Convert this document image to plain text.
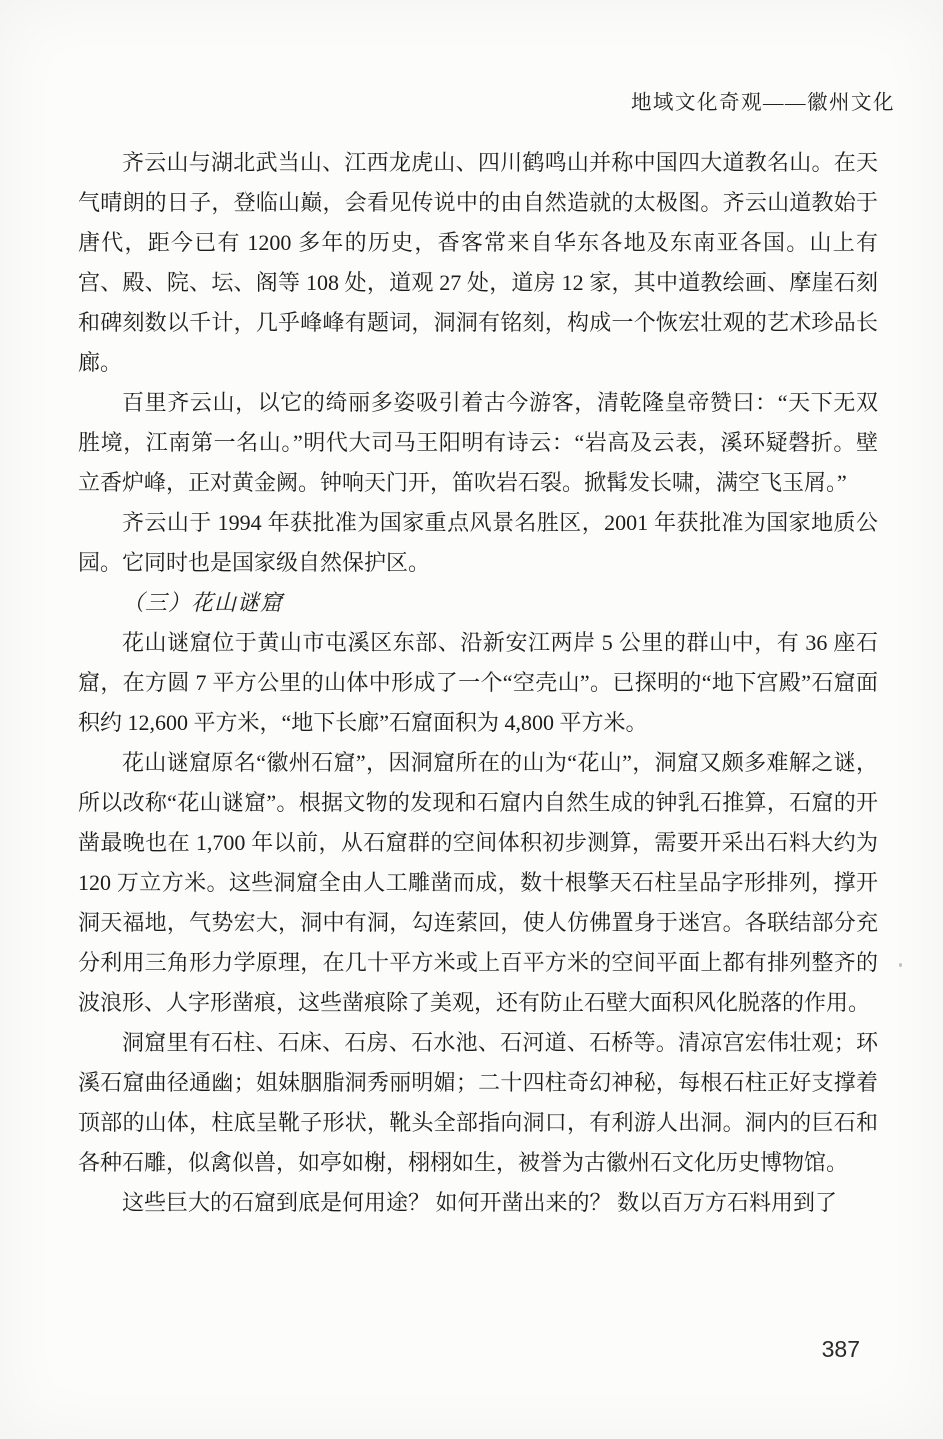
地域文化奇观——徽州文化

齐云山与湖北武当山、江西龙虎山、四川鹤鸣山并称中国四大道教名山。在天气晴朗的日子，登临山巅，会看见传说中的由自然造就的太极图。齐云山道教始于唐代，距今已有 1200 多年的历史，香客常来自华东各地及东南亚各国。山上有宫、殿、院、坛、阁等 108 处，道观 27 处，道房 12 家，其中道教绘画、摩崖石刻和碑刻数以千计，几乎峰峰有题词，洞洞有铭刻，构成一个恢宏壮观的艺术珍品长廊。

百里齐云山，以它的绮丽多姿吸引着古今游客，清乾隆皇帝赞曰：“天下无双胜境，江南第一名山。”明代大司马王阳明有诗云：“岩高及云表，溪环疑磬折。壁立香炉峰，正对黄金阙。钟响天门开，笛吹岩石裂。掀髯发长啸，满空飞玉屑。”

齐云山于 1994 年获批准为国家重点风景名胜区，2001 年获批准为国家地质公园。它同时也是国家级自然保护区。

（三）花山谜窟

花山谜窟位于黄山市屯溪区东部、沿新安江两岸 5 公里的群山中，有 36 座石窟，在方圆 7 平方公里的山体中形成了一个“空壳山”。已探明的“地下宫殿”石窟面积约 12,600 平方米，“地下长廊”石窟面积为 4,800 平方米。

花山谜窟原名“徽州石窟”，因洞窟所在的山为“花山”，洞窟又颇多难解之谜，所以改称“花山谜窟”。根据文物的发现和石窟内自然生成的钟乳石推算，石窟的开凿最晚也在 1,700 年以前，从石窟群的空间体积初步测算，需要开采出石料大约为 120 万立方米。这些洞窟全由人工雕凿而成，数十根擎天石柱呈品字形排列，撑开洞天福地，气势宏大，洞中有洞，勾连萦回，使人仿佛置身于迷宫。各联结部分充分利用三角形力学原理，在几十平方米或上百平方米的空间平面上都有排列整齐的波浪形、人字形凿痕，这些凿痕除了美观，还有防止石壁大面积风化脱落的作用。

洞窟里有石柱、石床、石房、石水池、石河道、石桥等。清凉宫宏伟壮观；环溪石窟曲径通幽；姐妹胭脂洞秀丽明媚；二十四柱奇幻神秘，每根石柱正好支撑着顶部的山体，柱底呈靴子形状，靴头全部指向洞口，有利游人出洞。洞内的巨石和各种石雕，似禽似兽，如亭如榭，栩栩如生，被誉为古徽州石文化历史博物馆。

这些巨大的石窟到底是何用途？ 如何开凿出来的？ 数以百万方石料用到了

387
